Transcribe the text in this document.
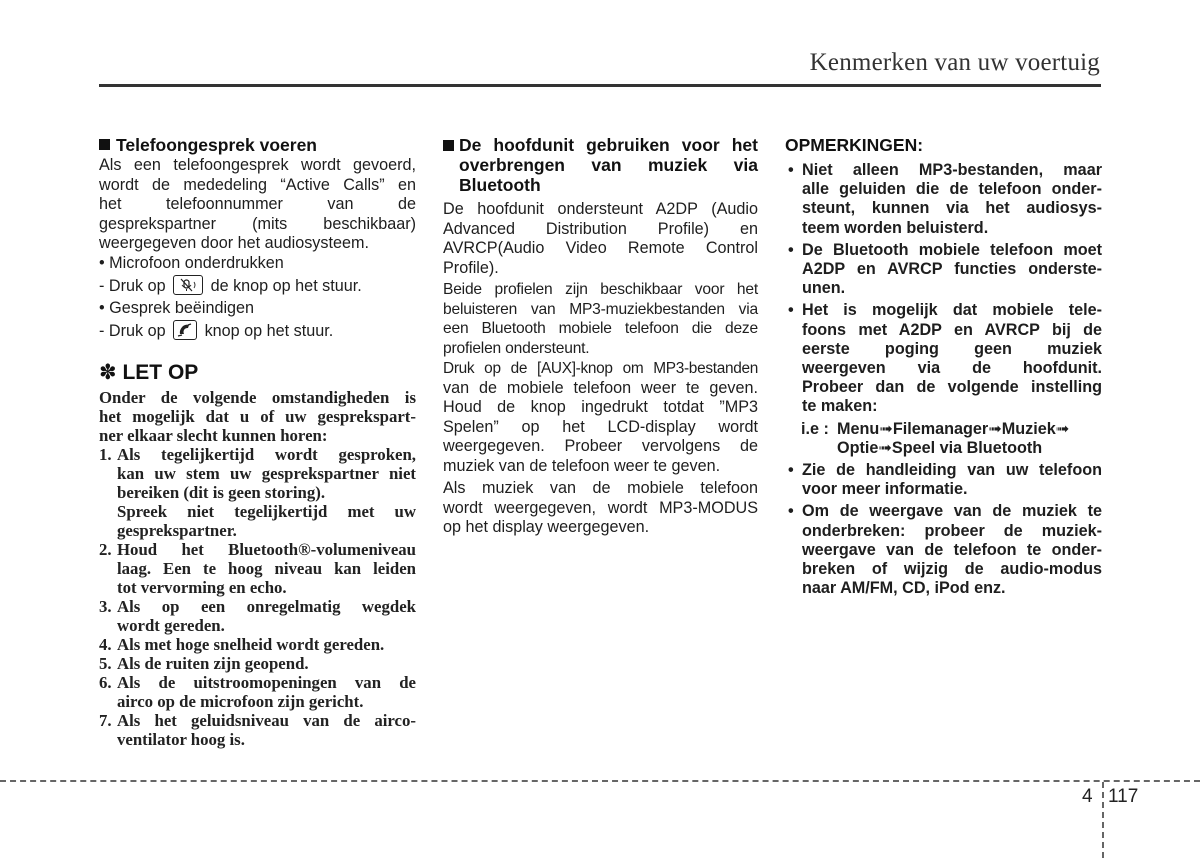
Kenmerken van uw voertuig
Telefoongesprek voeren
Als een telefoongesprek wordt gevoerd,
wordt de mededeling “Active Calls” en
het telefoonnummer van de
gesprekspartner (mits beschikbaar)
weergegeven door het audiosysteem.
• Microfoon onderdrukken
- Druk op	de knop op het stuur.
• Gesprek beëindigen
- Druk op knop op het stuur.
✽ LET OP
Onder de volgende omstandigheden is
het mogelijk dat u of uw gesprekspart-
ner elkaar slecht kunnen horen:
1. Als tegelijkertijd wordt gesproken,
kan uw stem uw gesprekspartner niet
bereiken (dit is geen storing).
Spreek niet tegelijkertijd met uw
gesprekspartner.
2. Houd het Bluetooth®-volumeniveau
laag. Een te hoog niveau kan leiden
tot vervorming en echo.
3. Als op een onregelmatig wegdek
wordt gereden.
4. Als met hoge snelheid wordt gereden.
5. Als de ruiten zijn geopend.
6. Als de uitstroomopeningen van de
airco op de microfoon zijn gericht.
7. Als het geluidsniveau van de airco-
ventilator hoog is.
De hoofdunit gebruiken voor het
overbrengen van muziek via
Bluetooth
De hoofdunit ondersteunt A2DP (Audio
Advanced Distribution Profile) en
AVRCP(Audio Video Remote Control
Profile).
Beide profielen zijn beschikbaar voor het
beluisteren van MP3-muziekbestanden via
een Bluetooth mobiele telefoon die deze
profielen ondersteunt.
Druk op de [AUX]-knop om MP3-bestanden
van de mobiele telefoon weer te geven.
Houd de knop ingedrukt totdat ”MP3
Spelen” op het LCD-display wordt
weergegeven. Probeer vervolgens de
muziek van de telefoon weer te geven.
Als muziek van de mobiele telefoon
wordt weergegeven, wordt MP3-MODUS
op het display weergegeven.
OPMERKINGEN:
• Niet alleen MP3-bestanden, maar
alle geluiden die de telefoon onder-
steunt, kunnen via het audiosys-
teem worden beluisterd.
• De Bluetooth mobiele telefoon moet
A2DP en AVRCP functies onderste-
unen.
• Het is mogelijk dat mobiele tele-
foons met A2DP en AVRCP bij de
eerste poging geen muziek
weergeven via de hoofdunit.
Probeer dan de volgende instelling
te maken:
i.e : Menu➟Filemanager➟Muziek➟
Optie➟Speel via Bluetooth
• Zie de handleiding van uw telefoon
voor meer informatie.
• Om de weergave van de muziek te
onderbreken: probeer de muziek-
weergave van de telefoon te onder-
breken of wijzig de audio-modus
naar AM/FM, CD, iPod enz.
4 117
